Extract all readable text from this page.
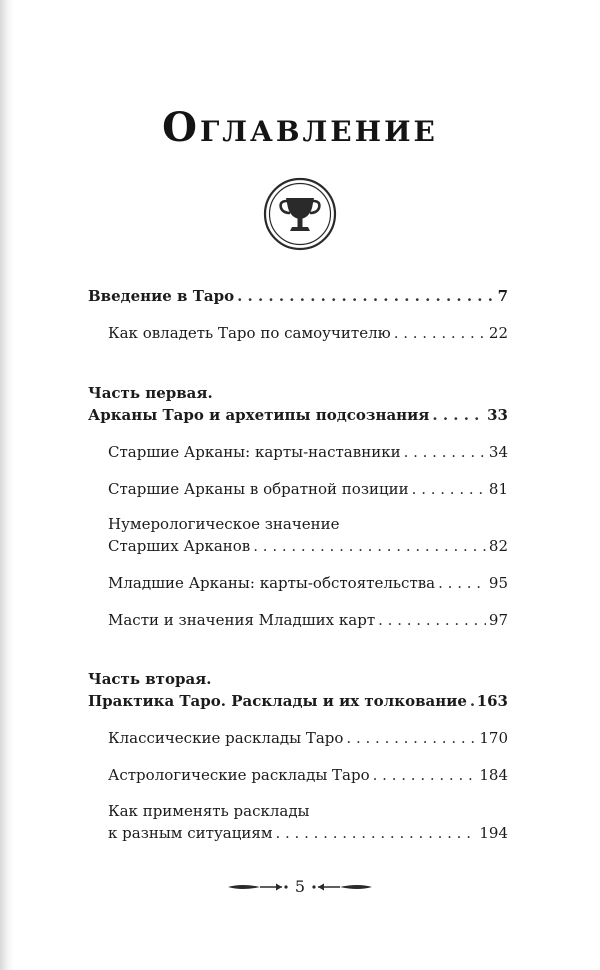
Оглавление
Введение в Таро . . .	7
Как овладеть Таро по самоучителю . . .	22
Часть первая.
Арканы Таро и архетипы подсознания . . .	33
Старшие Арканы: карты-наставники . . .	34
Старшие Арканы в обратной позиции . . .	81
Нумерологическое значение
Старших Арканов . . .	82
Младшие Арканы: карты-обстоятельства . . .	95
Масти и значения Младших карт . . .	97
Часть вторая.
Практика Таро. Расклады и их толкование . . . 163
Классические расклады Таро . . .	170
Астрологические расклады Таро . . .	184
Как применять расклады
к разным ситуациям . . .	194
5
